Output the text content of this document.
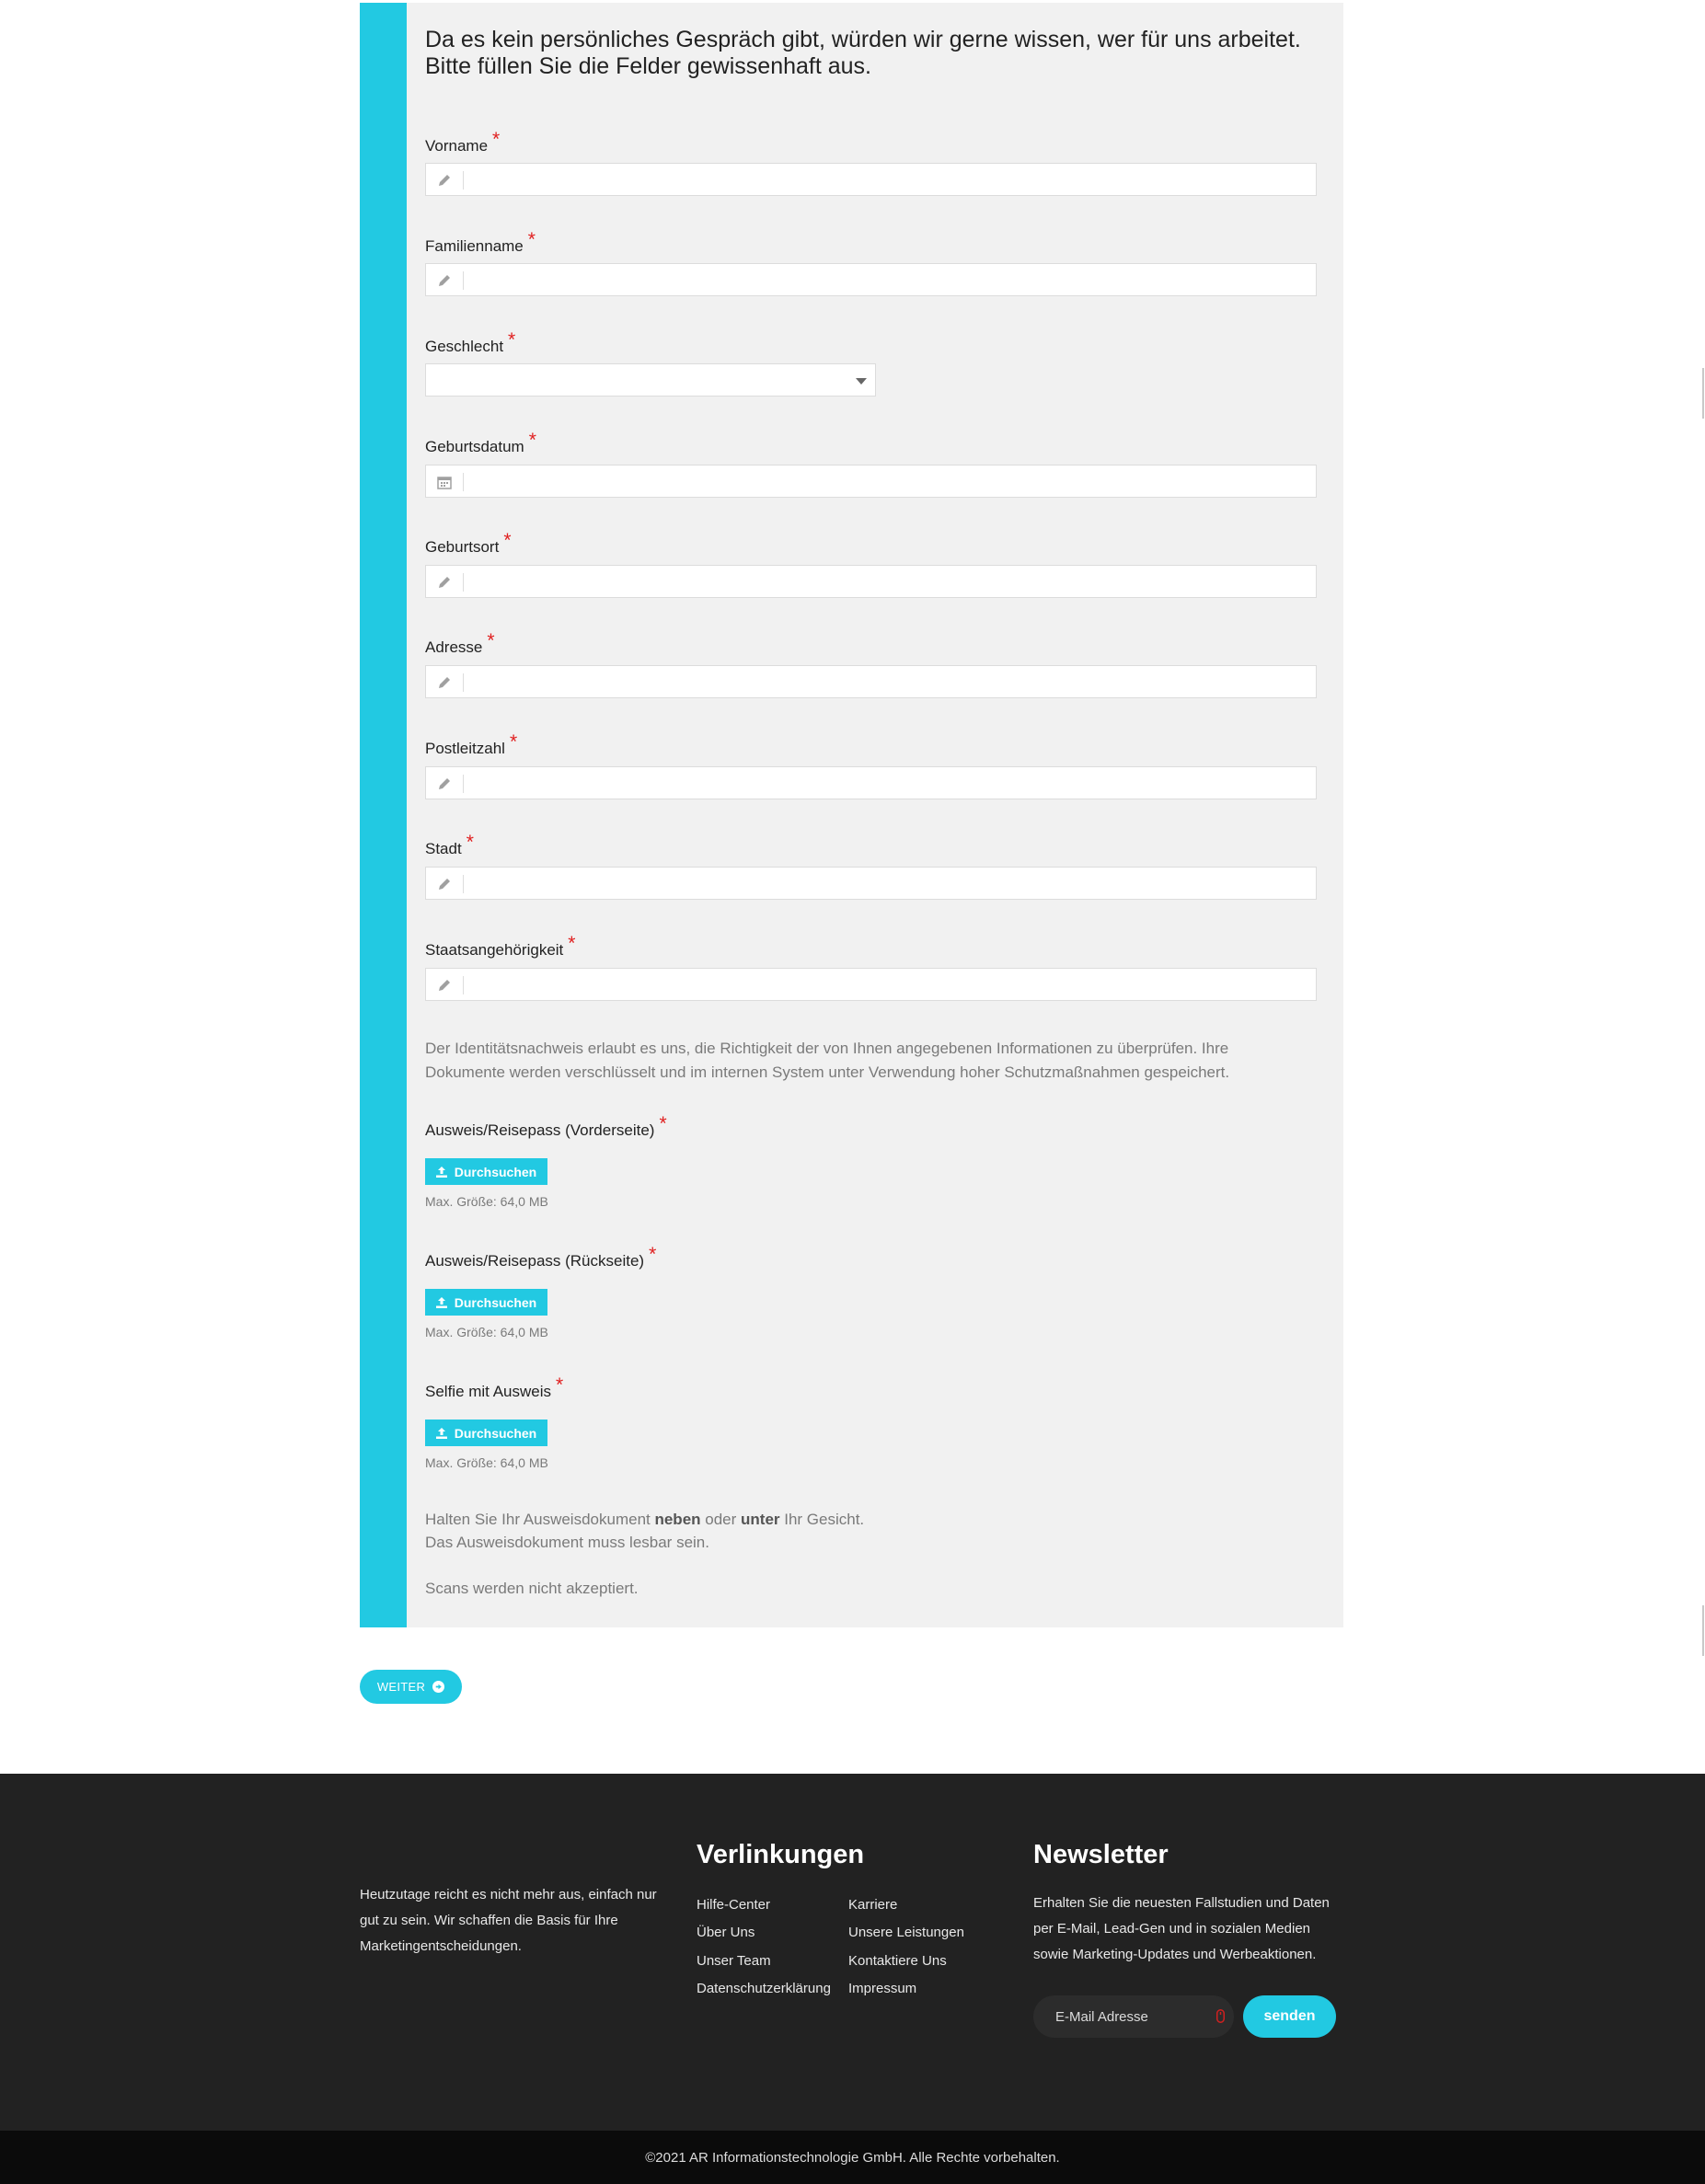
Da es kein persönliches Gespräch gibt, würden wir gerne wissen, wer für uns arbeitet. Bitte füllen Sie die Felder gewissenhaft aus.

Vorname *
Familienname *
Geschlecht *
Geburtsdatum *
Geburtsort *
Adresse *
Postleitzahl *
Stadt *
Staatsangehörigkeit *

Der Identitätsnachweis erlaubt es uns, die Richtigkeit der von Ihnen angegebenen Informationen zu überprüfen. Ihre Dokumente werden verschlüsselt und im internen System unter Verwendung hoher Schutzmaßnahmen gespeichert.

Ausweis/Reisepass (Vorderseite) *
Durchsuchen
Max. Größe: 64,0 MB
Ausweis/Reisepass (Rückseite) *
Durchsuchen
Max. Größe: 64,0 MB
Selfie mit Ausweis *
Durchsuchen
Max. Größe: 64,0 MB
Halten Sie Ihr Ausweisdokument neben oder unter Ihr Gesicht.
Das Ausweisdokument muss lesbar sein.
Scans werden nicht akzeptiert.
WEITER

Heutzutage reicht es nicht mehr aus, einfach nur gut zu sein. Wir schaffen die Basis für Ihre Marketingentscheidungen.

Verlinkungen
Hilfe-Center
Über Uns
Unser Team
Datenschutzerklärung
Karriere
Unsere Leistungen
Kontaktiere Uns
Impressum
Newsletter

Erhalten Sie die neuesten Fallstudien und Daten per E-Mail, Lead-Gen und in sozialen Medien sowie Marketing-Updates und Werbeaktionen.

E-Mail Adresse	senden
©2021 AR Informationstechnologie GmbH. Alle Rechte vorbehalten.
